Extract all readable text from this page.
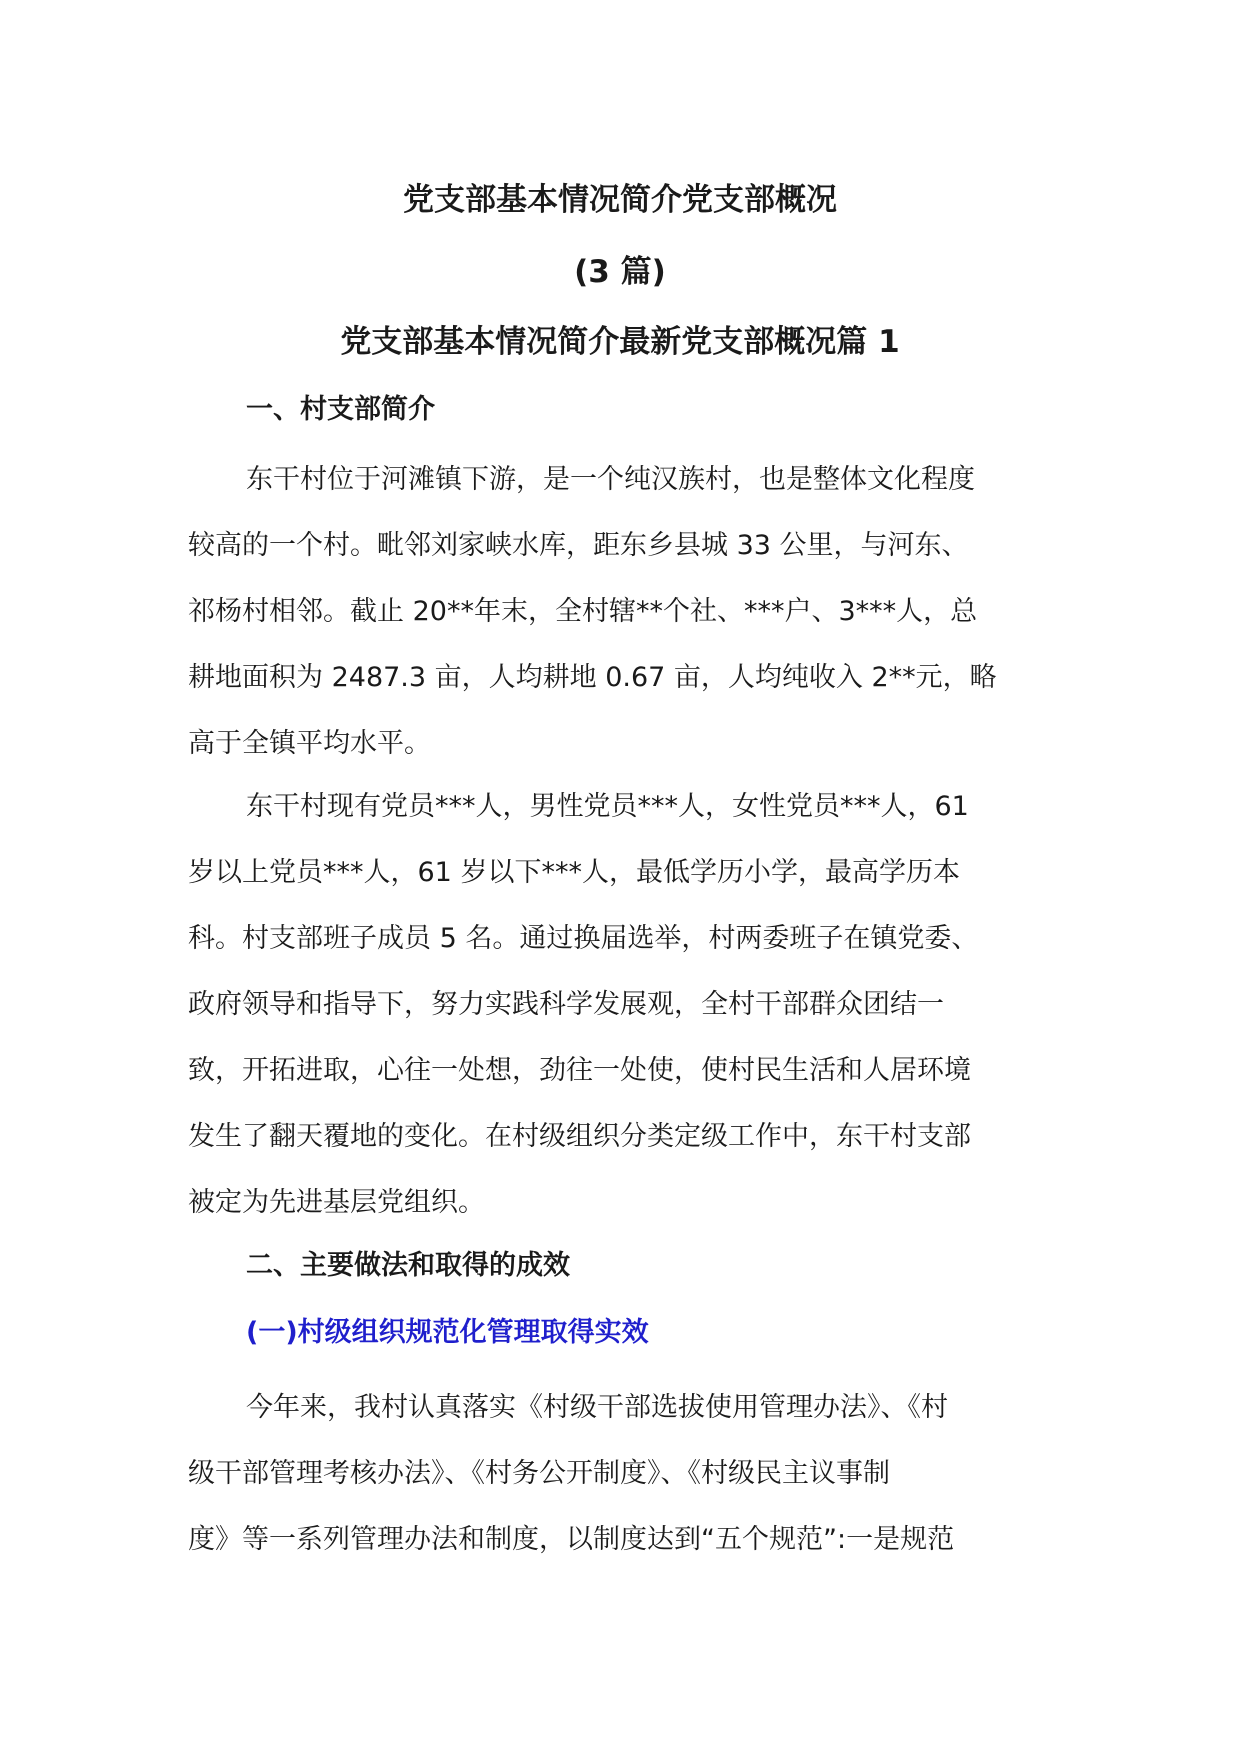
党支部基本情况简介党支部概况
(3 篇)
党支部基本情况简介最新党支部概况篇 1
一、村支部简介

东干村位于河滩镇下游，是一个纯汉族村，也是整体文化程度
较高的一个村。毗邻刘家峡水库，距东乡县城 33 公里，与河东、
祁杨村相邻。截止 20**年末，全村辖**个社、***户、3***人，总
耕地面积为 2487.3 亩，人均耕地 0.67 亩，人均纯收入 2**元，略
高于全镇平均水平。

东干村现有党员***人，男性党员***人，女性党员***人，61
岁以上党员***人，61 岁以下***人，最低学历小学，最高学历本
科。村支部班子成员 5 名。通过换届选举，村两委班子在镇党委、
政府领导和指导下，努力实践科学发展观，全村干部群众团结一
致，开拓进取，心往一处想，劲往一处使，使村民生活和人居环境
发生了翻天覆地的变化。在村级组织分类定级工作中，东干村支部
被定为先进基层党组织。

二、主要做法和取得的成效
(一)村级组织规范化管理取得实效

今年来，我村认真落实《村级干部选拔使用管理办法》、《村
级干部管理考核办法》、《村务公开制度》、《村级民主议事制
度》等一系列管理办法和制度，以制度达到“五个规范”:一是规范
